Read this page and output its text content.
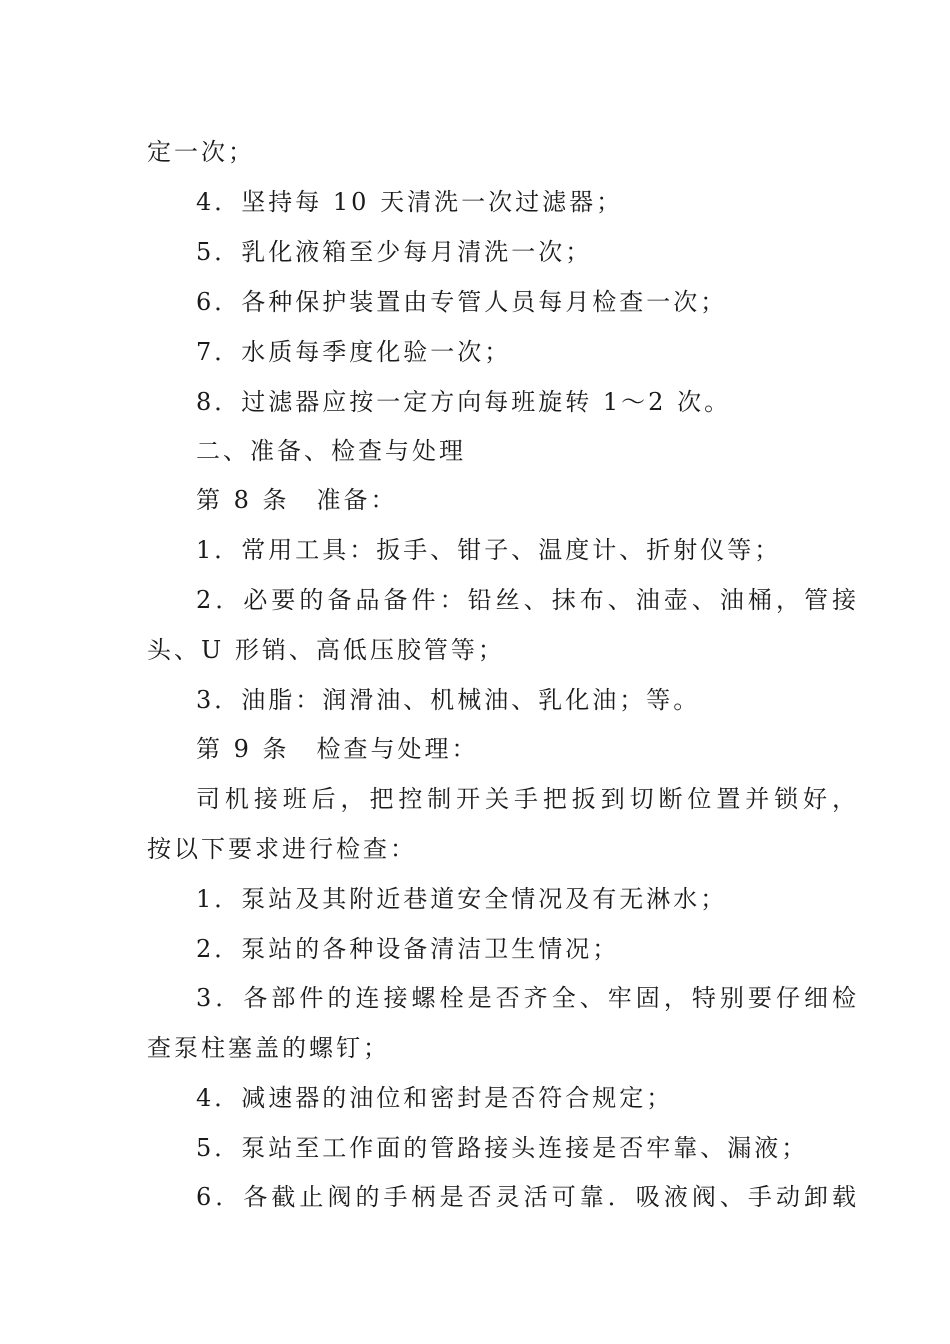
定一次；
4．坚持每 10 天清洗一次过滤器；
5．乳化液箱至少每月清洗一次；
6．各种保护装置由专管人员每月检查一次；
7．水质每季度化验一次；
8．过滤器应按一定方向每班旋转 1～2 次。
二、准备、检查与处理
第 8 条　准备：
1．常用工具：扳手、钳子、温度计、折射仪等；
2 ． 必 要 的 备 品 备 件 ： 铅 丝 、 抹 布 、 油 壶 、 油 桶 ， 管 接
头、U 形销、高低压胶管等；
3．油脂：润滑油、机械油、乳化油；等。
第 9 条　检查与处理：
司 机 接 班 后 ， 把 控 制 开 关 手 把 扳 到 切 断 位 置 并 锁 好 ，
按以下要求进行检查：
1．泵站及其附近巷道安全情况及有无淋水；
2．泵站的各种设备清洁卫生情况；
3 ． 各 部 件 的 连 接 螺 栓 是 否 齐 全 、 牢 固 ， 特 别 要 仔 细 检
查泵柱塞盖的螺钉；
4．减速器的油位和密封是否符合规定；
5．泵站至工作面的管路接头连接是否牢靠、漏液；
6 ． 各 截 止 阀 的 手 柄 是 否 灵 活 可 靠 ． 吸 液 阀 、 手 动 卸 载
